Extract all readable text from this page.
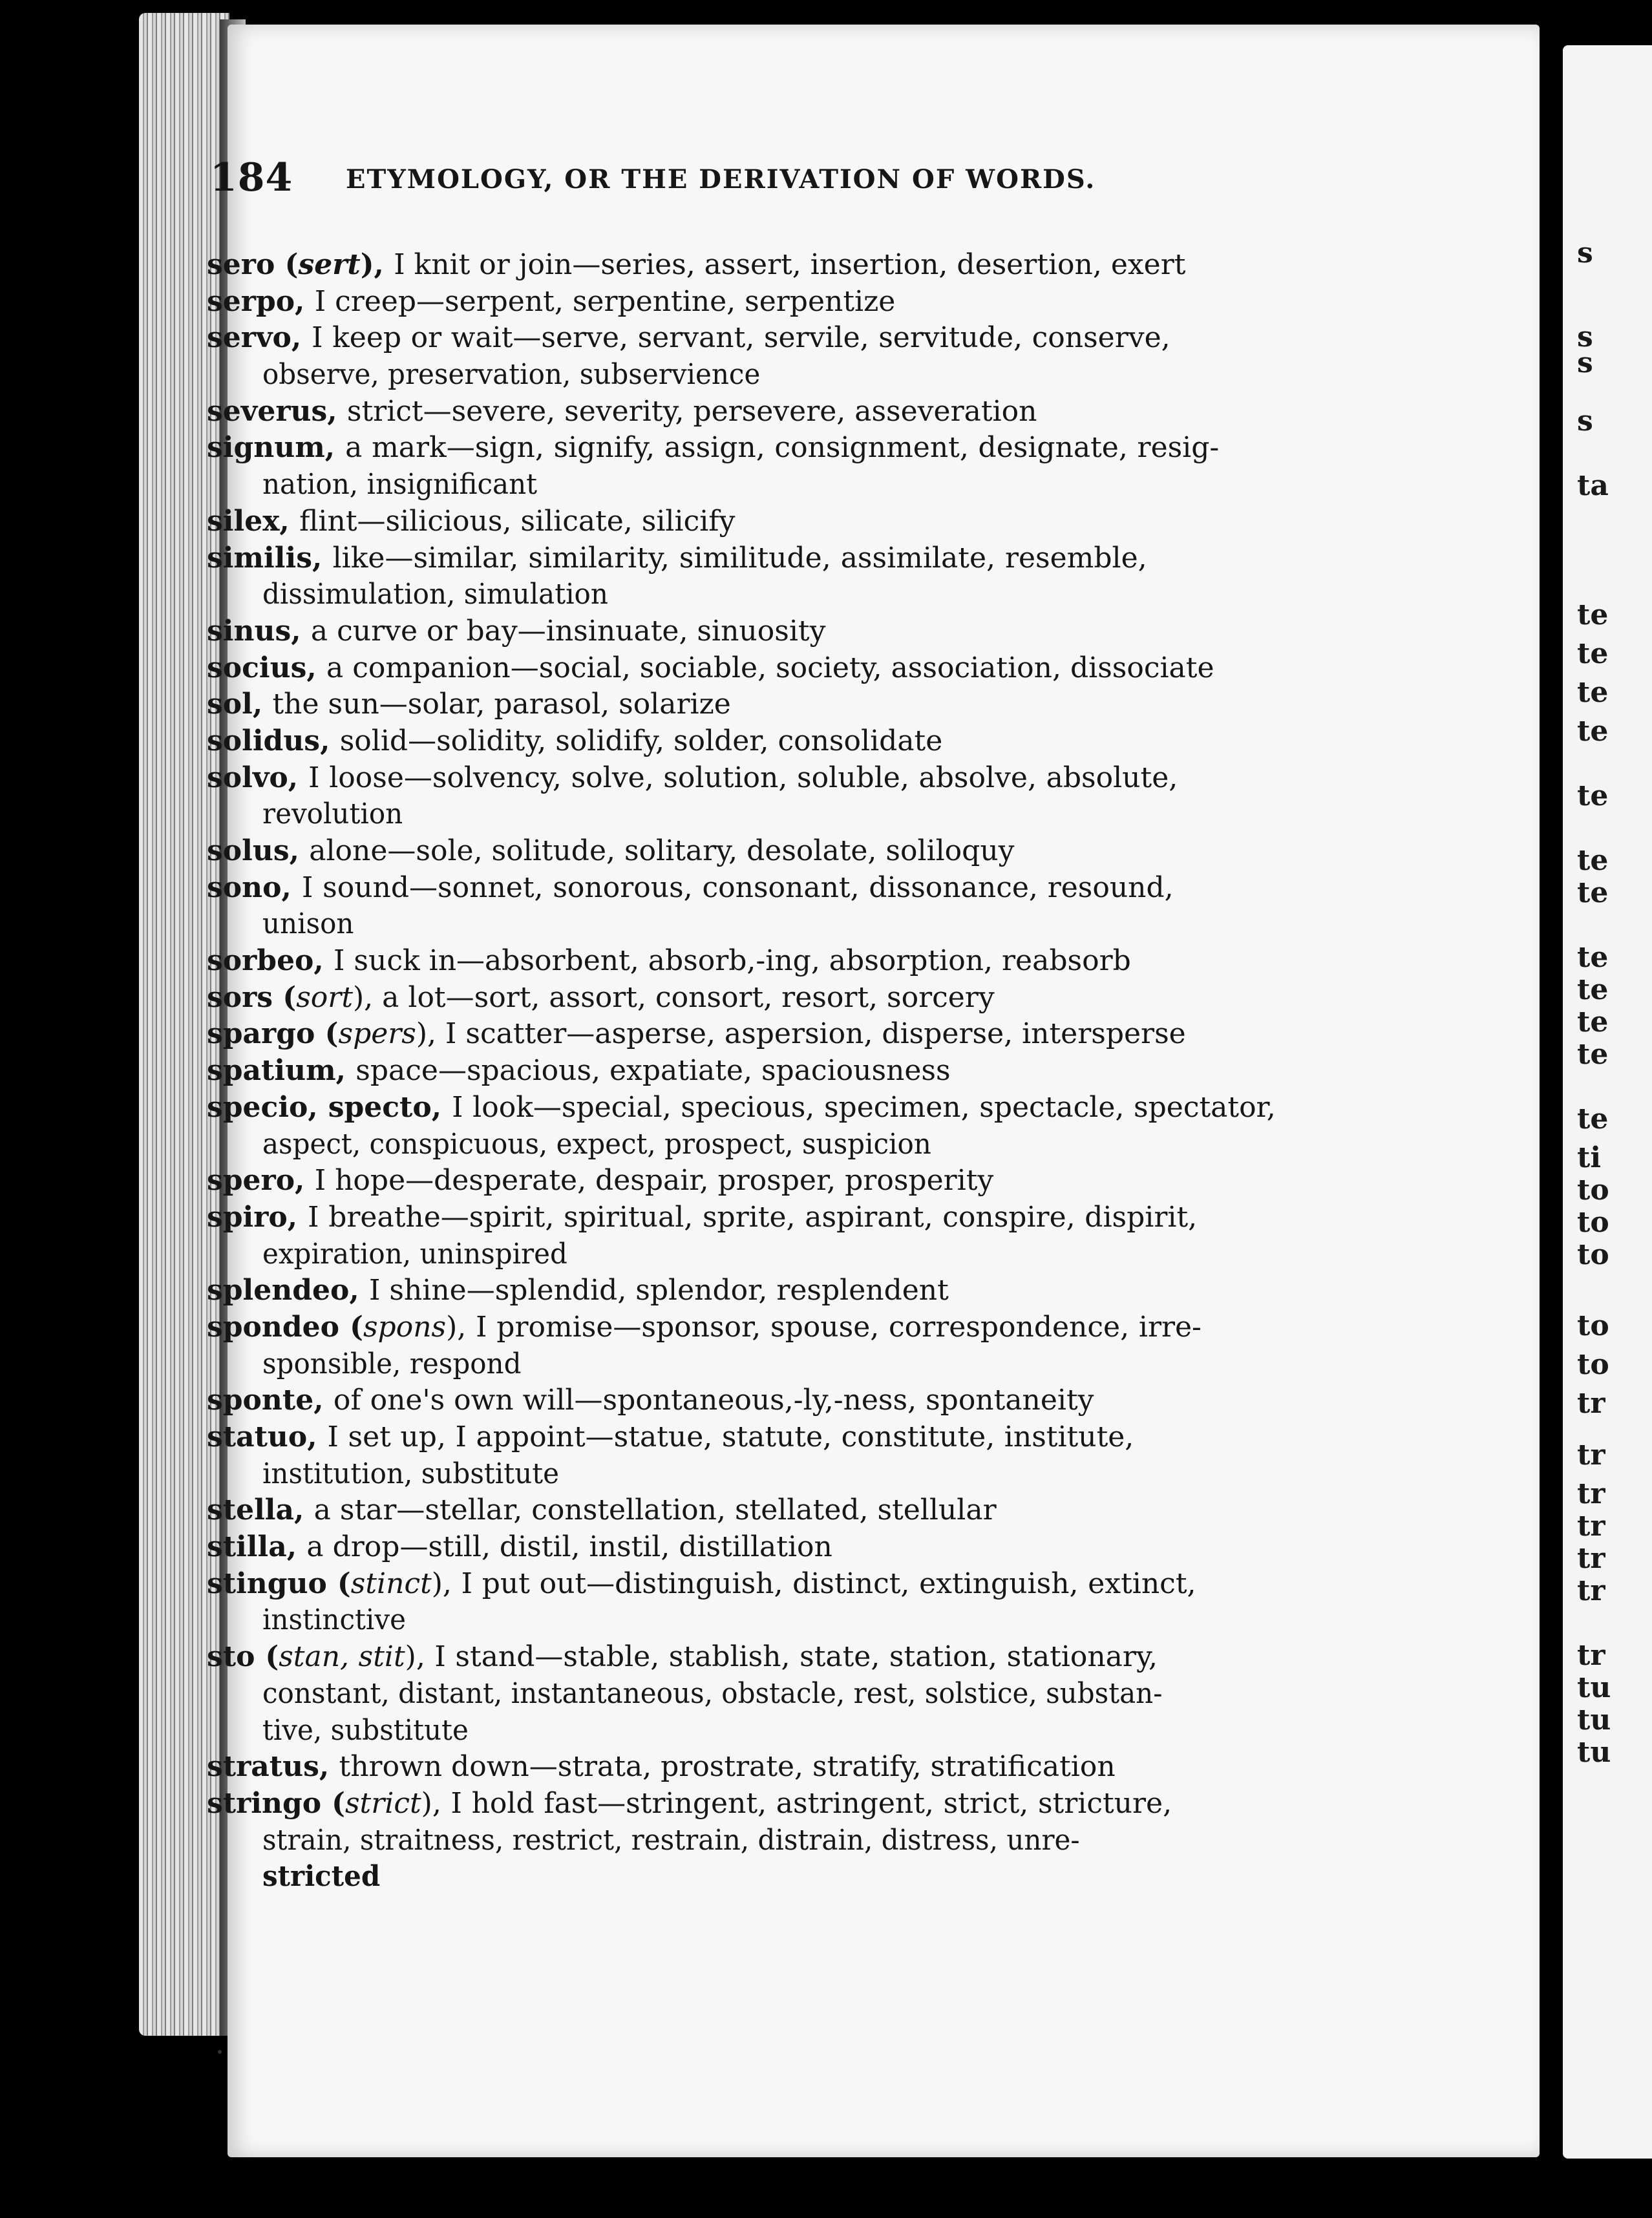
s
s
s
s
ta
te
te
te
te
te
te
te
te
te
te
te
te
ti
to
to
to
to
to
tr
tr
tr
tr
tr
tr
tr
tu
tu
tu
184 ETYMOLOGY, OR THE DERIVATION OF WORDS.
sero (sert), I knit or join—series, assert, insertion, desertion, exert
serpo, I creep—serpent, serpentine, serpentize
servo, I keep or wait—serve, servant, servile, servitude, conserve,
observe, preservation, subservience
severus, strict—severe, severity, persevere, asseveration
signum, a mark—sign, signify, assign, consignment, designate, resig-
nation, insignificant
silex, flint—silicious, silicate, silicify
similis, like—similar, similarity, similitude, assimilate, resemble,
dissimulation, simulation
sinus, a curve or bay—insinuate, sinuosity
socius, a companion—social, sociable, society, association, dissociate
sol, the sun—solar, parasol, solarize
solidus, solid—solidity, solidify, solder, consolidate
solvo, I loose—solvency, solve, solution, soluble, absolve, absolute,
revolution
solus, alone—sole, solitude, solitary, desolate, soliloquy
sono, I sound—sonnet, sonorous, consonant, dissonance, resound,
unison
sorbeo, I suck in—absorbent, absorb,-ing, absorption, reabsorb
sors (sort), a lot—sort, assort, consort, resort, sorcery
spargo (spers), I scatter—asperse, aspersion, disperse, intersperse
spatium, space—spacious, expatiate, spaciousness
specio, specto, I look—special, specious, specimen, spectacle, spectator,
aspect, conspicuous, expect, prospect, suspicion
spero, I hope—desperate, despair, prosper, prosperity
spiro, I breathe—spirit, spiritual, sprite, aspirant, conspire, dispirit,
expiration, uninspired
splendeo, I shine—splendid, splendor, resplendent
spondeo (spons), I promise—sponsor, spouse, correspondence, irre-
sponsible, respond
sponte, of one's own will—spontaneous,-ly,-ness, spontaneity
statuo, I set up, I appoint—statue, statute, constitute, institute,
institution, substitute
stella, a star—stellar, constellation, stellated, stellular
stilla, a drop—still, distil, instil, distillation
stinguo (stinct), I put out—distinguish, distinct, extinguish, extinct,
instinctive
sto (stan, stit), I stand—stable, stablish, state, station, stationary,
constant, distant, instantaneous, obstacle, rest, solstice, substan-
tive, substitute
stratus, thrown down—strata, prostrate, stratify, stratification
stringo (strict), I hold fast—stringent, astringent, strict, stricture,
strain, straitness, restrict, restrain, distrain, distress, unre-
stricted
